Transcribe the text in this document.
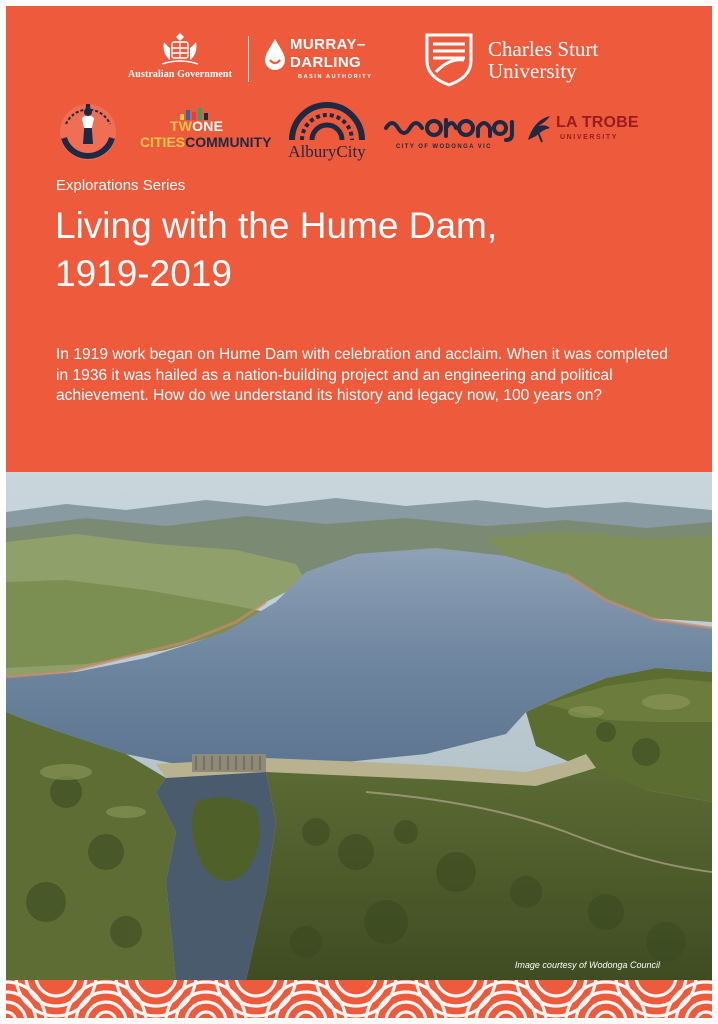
Australian Government
MURRAY–
DARLING
BASIN AUTHORITY
Charles Sturt
University
TWONE
CITIESCOMMUNITY AlburyCity	CITY OF WODONGA VIC
LA TROBE
UNIVERSITY
Explorations Series
Living with the Hume Dam,
1919-2019

In 1919 work began on Hume Dam with celebration and acclaim. When it was completed in 1936 it was hailed as a nation-building project and an engineering and political achievement. How do we understand its history and legacy now, 100 years on?

Image courtesy of Wodonga Council
